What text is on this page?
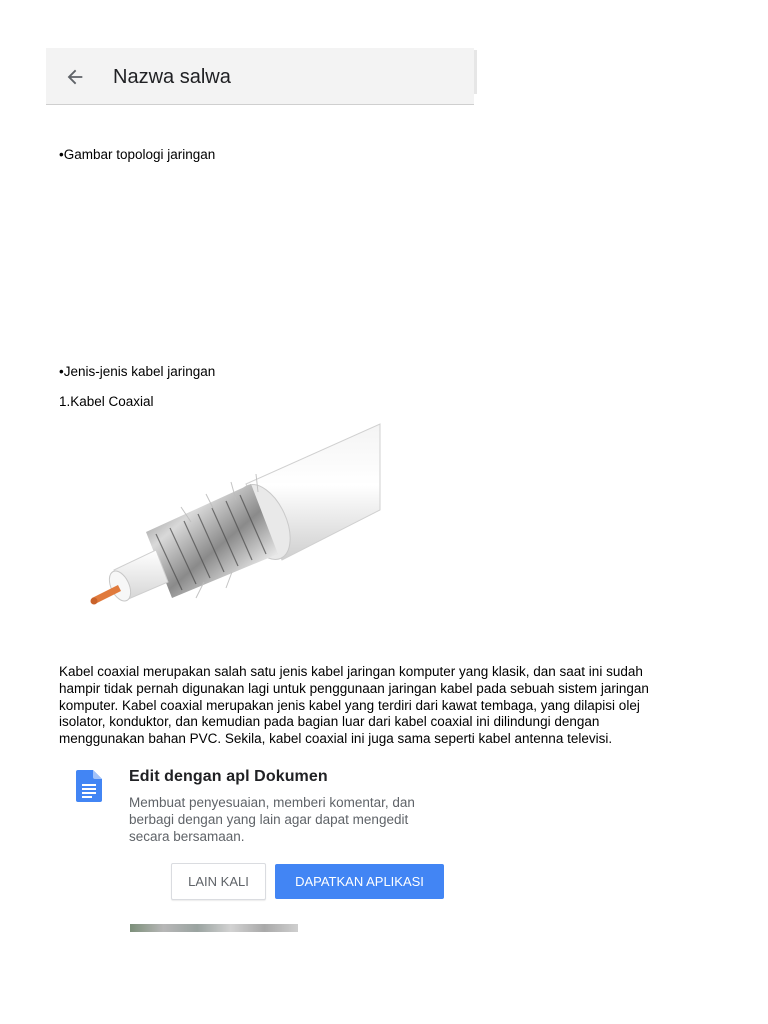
Nazwa salwa
•Gambar topologi jaringan
•Jenis-jenis kabel jaringan
1.Kabel Coaxial
Kabel coaxial merupakan salah satu jenis kabel jaringan komputer yang klasik, dan saat ini sudah
hampir tidak pernah digunakan lagi untuk penggunaan jaringan kabel pada sebuah sistem jaringan
komputer. Kabel coaxial merupakan jenis kabel yang terdiri dari kawat tembaga, yang dilapisi olej
isolator, konduktor, dan kemudian pada bagian luar dari kabel coaxial ini dilindungi dengan
menggunakan bahan PVC. Sekila, kabel coaxial ini juga sama seperti kabel antenna televisi.
Edit dengan apl Dokumen
Membuat penyesuaian, memberi komentar, dan
berbagi dengan yang lain agar dapat mengedit
secara bersamaan.
LAIN KALI	DAPATKAN APLIKASI
